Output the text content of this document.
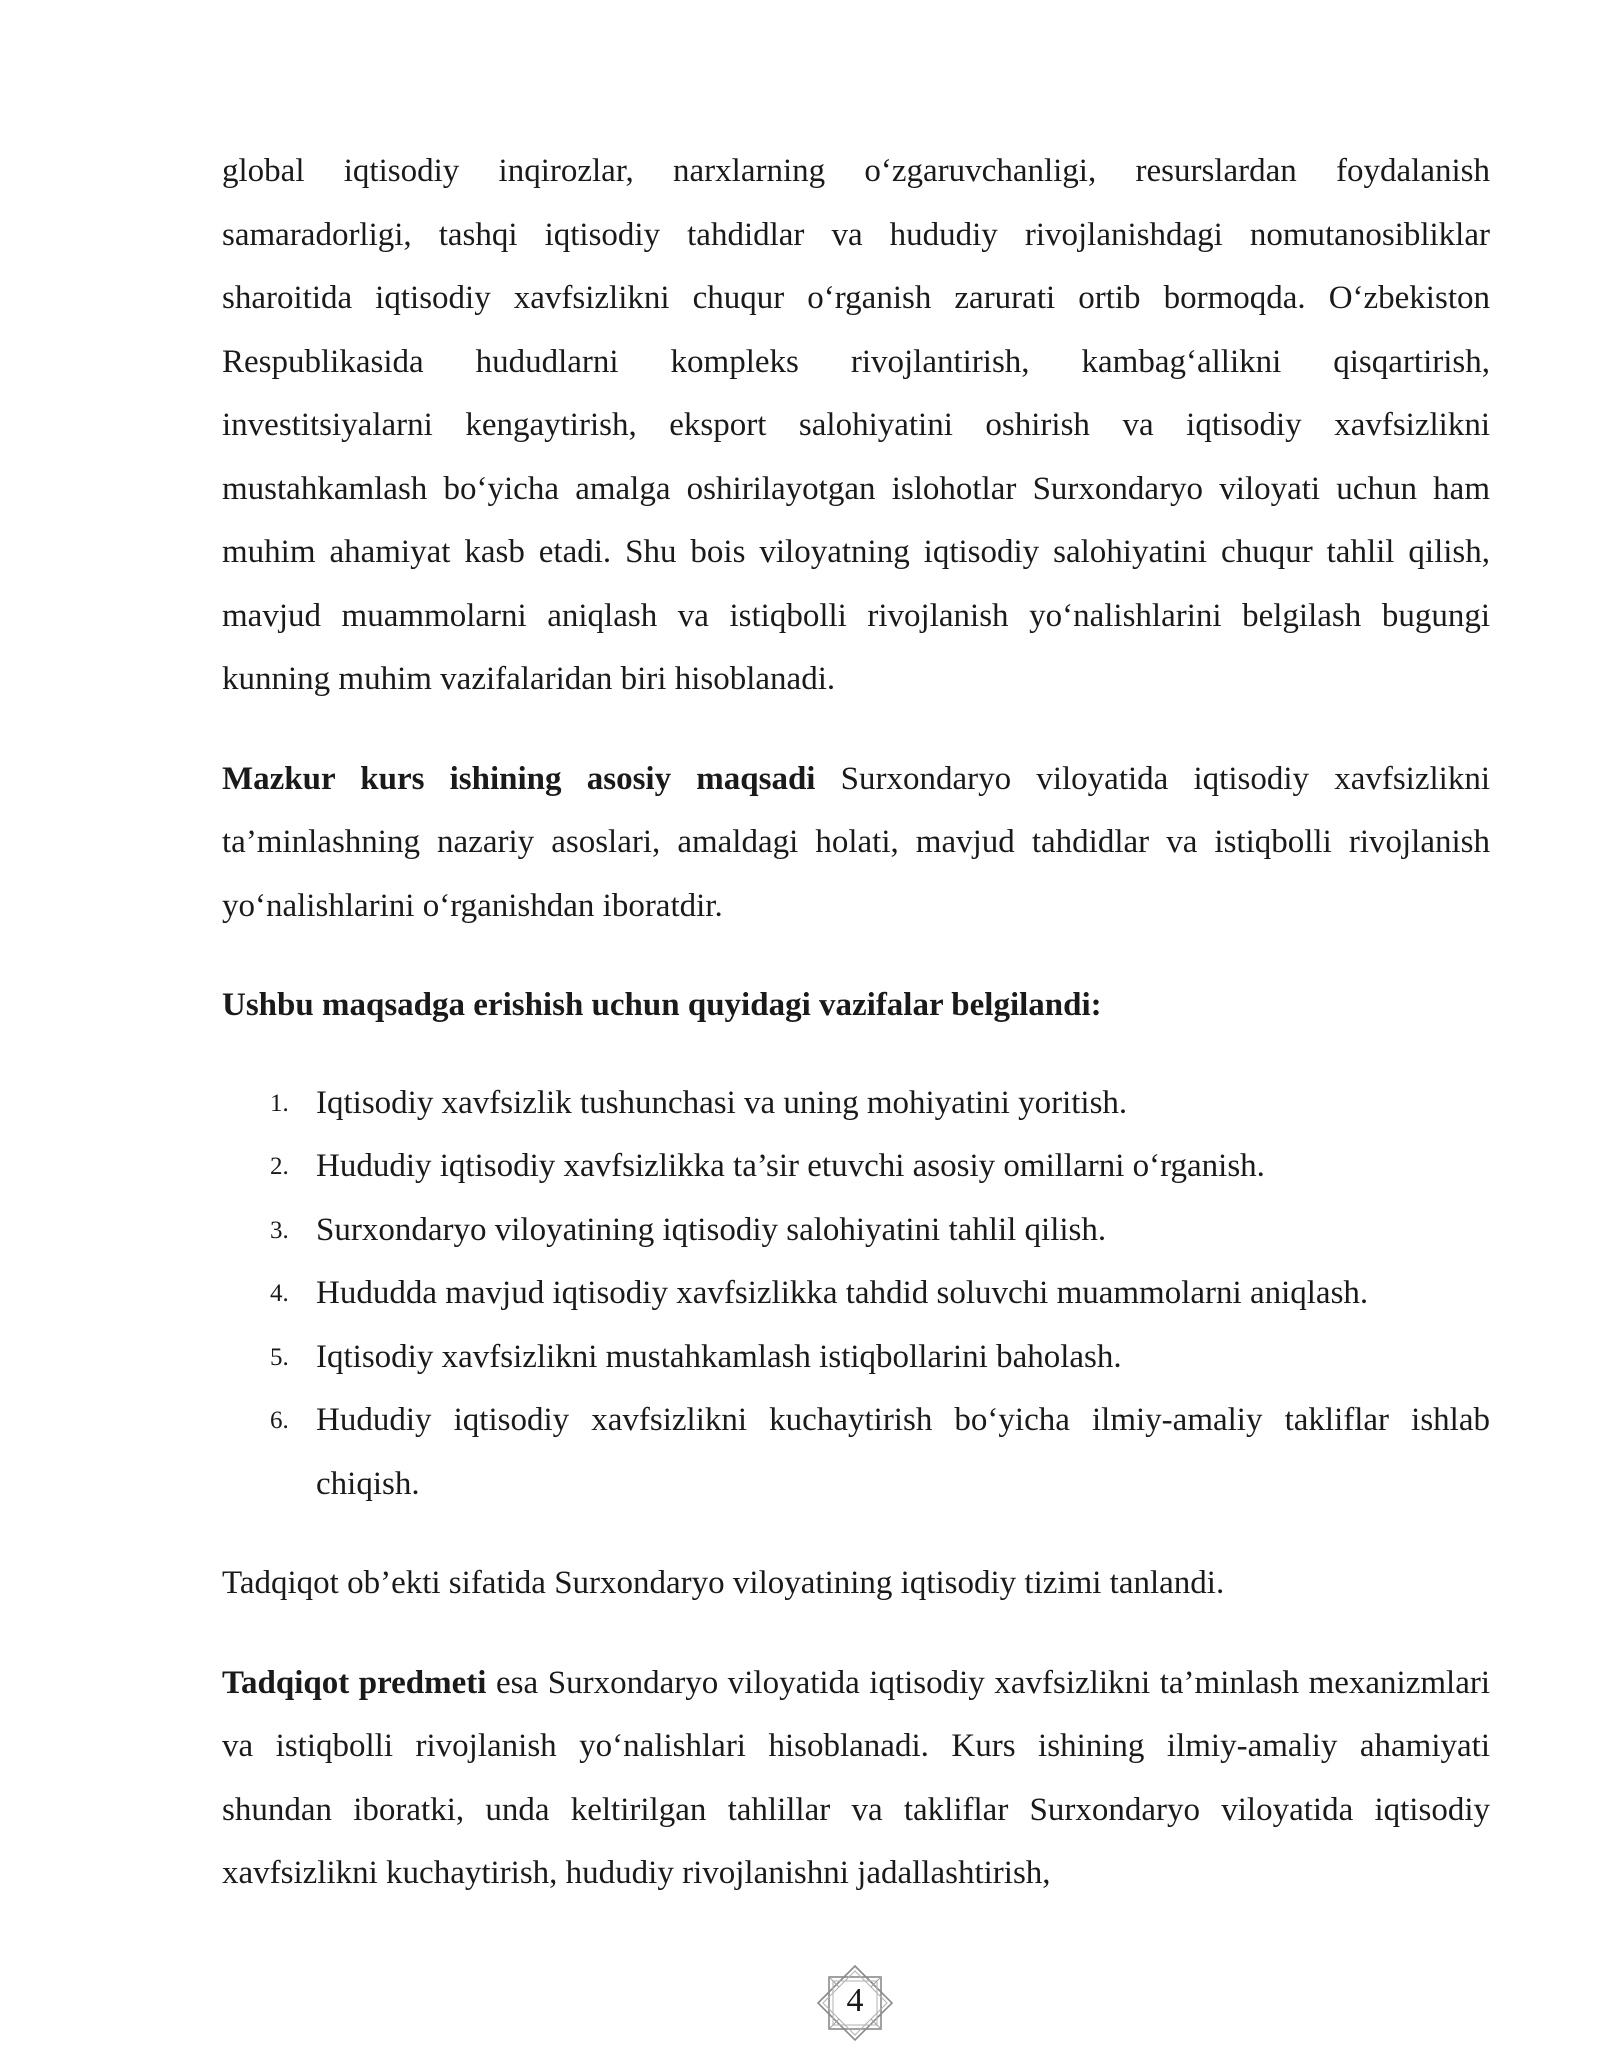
global iqtisodiy inqirozlar, narxlarning o‘zgaruvchanligi, resurslardan foydalanish samaradorligi, tashqi iqtisodiy tahdidlar va hududiy rivojlanishdagi nomutanosibliklar sharoitida iqtisodiy xavfsizlikni chuqur o‘rganish zarurati ortib bormoqda. O‘zbekiston Respublikasida hududlarni kompleks rivojlantirish, kambag‘allikni qisqartirish, investitsiyalarni kengaytirish, eksport salohiyatini oshirish va iqtisodiy xavfsizlikni mustahkamlash bo‘yicha amalga oshirilayotgan islohotlar Surxondaryo viloyati uchun ham muhim ahamiyat kasb etadi. Shu bois viloyatning iqtisodiy salohiyatini chuqur tahlil qilish, mavjud muammolarni aniqlash va istiqbolli rivojlanish yo‘nalishlarini belgilash bugungi kunning muhim vazifalaridan biri hisoblanadi.

Mazkur kurs ishining asosiy maqsadi Surxondaryo viloyatida iqtisodiy xavfsizlikni ta’minlashning nazariy asoslari, amaldagi holati, mavjud tahdidlar va istiqbolli rivojlanish yo‘nalishlarini o‘rganishdan iboratdir.

Ushbu maqsadga erishish uchun quyidagi vazifalar belgilandi:

1. Iqtisodiy xavfsizlik tushunchasi va uning mohiyatini yoritish.
2. Hududiy iqtisodiy xavfsizlikka ta’sir etuvchi asosiy omillarni o‘rganish.
3. Surxondaryo viloyatining iqtisodiy salohiyatini tahlil qilish.
4. Hududda mavjud iqtisodiy xavfsizlikka tahdid soluvchi muammolarni aniqlash.
5. Iqtisodiy xavfsizlikni mustahkamlash istiqbollarini baholash.
6. Hududiy iqtisodiy xavfsizlikni kuchaytirish bo‘yicha ilmiy-amaliy takliflar ishlab chiqish.

Tadqiqot ob’ekti sifatida Surxondaryo viloyatining iqtisodiy tizimi tanlandi.

Tadqiqot predmeti esa Surxondaryo viloyatida iqtisodiy xavfsizlikni ta’minlash mexanizmlari va istiqbolli rivojlanish yo‘nalishlari hisoblanadi. Kurs ishining ilmiy-amaliy ahamiyati shundan iboratki, unda keltirilgan tahlillar va takliflar Surxondaryo viloyatida iqtisodiy xavfsizlikni kuchaytirish, hududiy rivojlanishni jadallashtirish,

4
